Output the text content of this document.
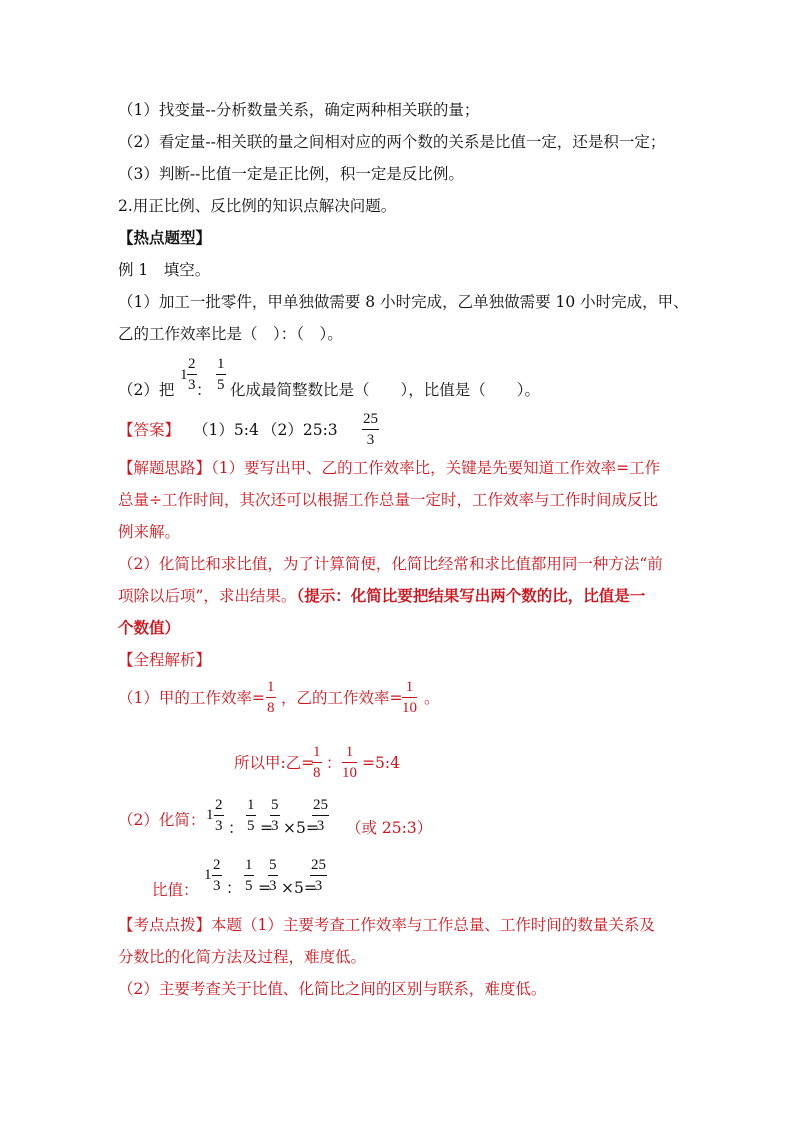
（1）找变量--分析数量关系，确定两种相关联的量；
（2）看定量--相关联的量之间相对应的两个数的关系是比值一定，还是积一定；
（3）判断--比值一定是正比例，积一定是反比例。
2.用正比例、反比例的知识点解决问题。
【热点题型】
例 1　填空。
（1）加工一批零件，甲单独做需要 8 小时完成，乙单独做需要 10 小时完成，甲、
乙的工作效率比是（　）：（　）。
（2）把
1
2
3 ：
1
5 化成最简整数比是（　　），比值是（　　）。
【答案】 （1）5:4 （2）25:3
25
3
【解题思路】（1）要写出甲、乙的工作效率比，关键是先要知道工作效率=工作
总量÷工作时间，其次还可以根据工作总量一定时，工作效率与工作时间成反比
例来解。
（2）化简比和求比值，为了计算简便，化简比经常和求比值都用同一种方法“前
项除以后项”，求出结果。（提示：化简比要把结果写出两个数的比，比值是一
个数值）
【全程解析】
（1）甲的工作效率=
1
8
，乙的工作效率=
1
10
。
所以甲:乙=
1
8
：
1
10
=5:4
（2）化简： 1
2
3 ：
1
5 =
5
3 ×5=
25
3	（或 25:3）
比值：
1
2
3 ：
1
5 =
5
3 ×5=
25
3
【考点点拨】本题（1）主要考查工作效率与工作总量、工作时间的数量关系及
分数比的化简方法及过程，难度低。
（2）主要考查关于比值、化简比之间的区别与联系，难度低。
